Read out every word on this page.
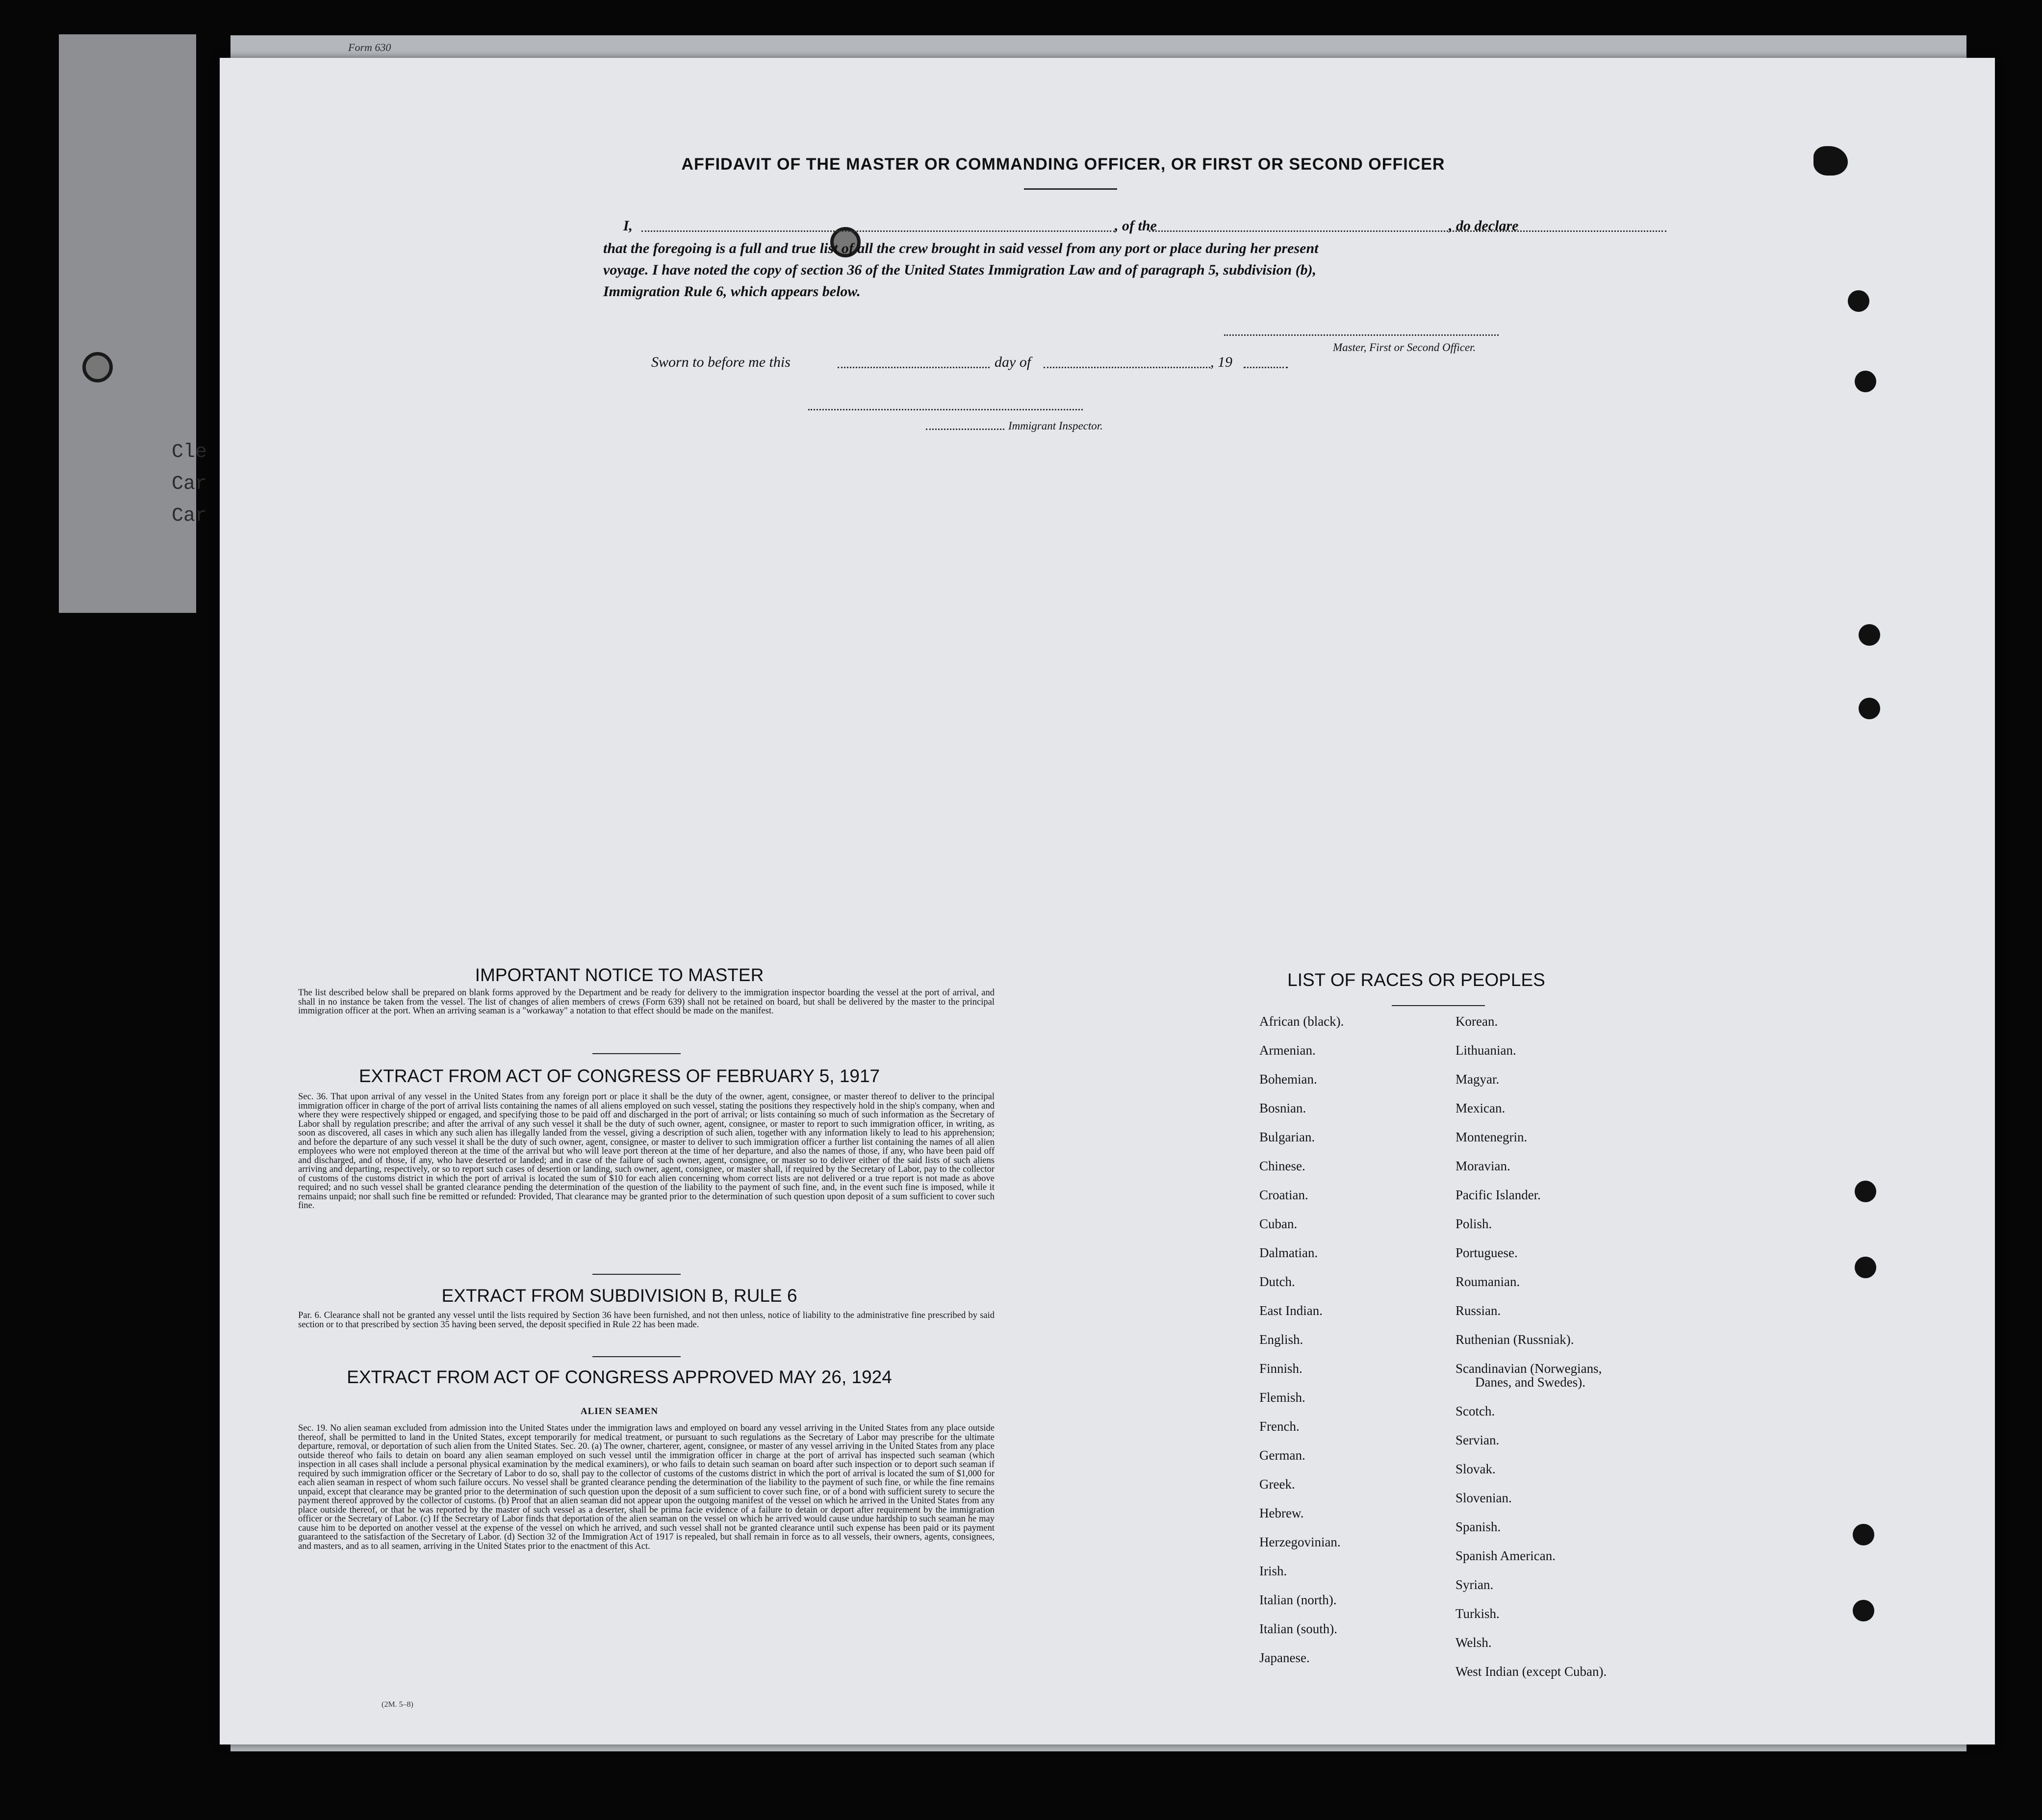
Cle
Car
Car
Form 630
AFFIDAVIT OF THE MASTER OR COMMANDING OFFICER, OR FIRST OR SECOND OFFICER
I,	, of the	, do declare
that the foregoing is a full and true list of all the crew brought in said vessel from any port or place during her present
voyage. I have noted the copy of section 36 of the United States Immigration Law and of paragraph 5, subdivision (b),
Immigration Rule 6, which appears below.
Master, First or Second Officer.
Sworn to before me this	day of	, 19
Immigrant Inspector.
IMPORTANT NOTICE TO MASTER
The list described below shall be prepared on blank forms approved by the Department and be ready for delivery to the immigration inspector boarding the vessel at the port of arrival, and shall in no instance be taken from the vessel. The list of changes of alien members of crews (Form 639) shall not be retained on board, but shall be delivered by the master to the principal immigration officer at the port. When an arriving seaman is a "workaway" a notation to that effect should be made on the manifest.
EXTRACT FROM ACT OF CONGRESS OF FEBRUARY 5, 1917
Sec. 36. That upon arrival of any vessel in the United States from any foreign port or place it shall be the duty of the owner, agent, consignee, or master thereof to deliver to the principal immigration officer in charge of the port of arrival lists containing the names of all aliens employed on such vessel, stating the positions they respectively hold in the ship's company, when and where they were respectively shipped or engaged, and specifying those to be paid off and discharged in the port of arrival; or lists containing so much of such information as the Secretary of Labor shall by regulation prescribe; and after the arrival of any such vessel it shall be the duty of such owner, agent, consignee, or master to report to such immigration officer, in writing, as soon as discovered, all cases in which any such alien has illegally landed from the vessel, giving a description of such alien, together with any information likely to lead to his apprehension; and before the departure of any such vessel it shall be the duty of such owner, agent, consignee, or master to deliver to such immigration officer a further list containing the names of all alien employees who were not employed thereon at the time of the arrival but who will leave port thereon at the time of her departure, and also the names of those, if any, who have been paid off and discharged, and of those, if any, who have deserted or landed; and in case of the failure of such owner, agent, consignee, or master so to deliver either of the said lists of such aliens arriving and departing, respectively, or so to report such cases of desertion or landing, such owner, agent, consignee, or master shall, if required by the Secretary of Labor, pay to the collector of customs of the customs district in which the port of arrival is located the sum of $10 for each alien concerning whom correct lists are not delivered or a true report is not made as above required; and no such vessel shall be granted clearance pending the determination of the question of the liability to the payment of such fine, and, in the event such fine is imposed, while it remains unpaid; nor shall such fine be remitted or refunded: Provided, That clearance may be granted prior to the determination of such question upon deposit of a sum sufficient to cover such fine.
EXTRACT FROM SUBDIVISION B, RULE 6
Par. 6. Clearance shall not be granted any vessel until the lists required by Section 36 have been furnished, and not then unless, notice of liability to the administrative fine prescribed by said section or to that prescribed by section 35 having been served, the deposit specified in Rule 22 has been made.
EXTRACT FROM ACT OF CONGRESS APPROVED MAY 26, 1924
ALIEN SEAMEN
Sec. 19. No alien seaman excluded from admission into the United States under the immigration laws and employed on board any vessel arriving in the United States from any place outside thereof, shall be permitted to land in the United States, except temporarily for medical treatment, or pursuant to such regulations as the Secretary of Labor may prescribe for the ultimate departure, removal, or deportation of such alien from the United States. Sec. 20. (a) The owner, charterer, agent, consignee, or master of any vessel arriving in the United States from any place outside thereof who fails to detain on board any alien seaman employed on such vessel until the immigration officer in charge at the port of arrival has inspected such seaman (which inspection in all cases shall include a personal physical examination by the medical examiners), or who fails to detain such seaman on board after such inspection or to deport such seaman if required by such immigration officer or the Secretary of Labor to do so, shall pay to the collector of customs of the customs district in which the port of arrival is located the sum of $1,000 for each alien seaman in respect of whom such failure occurs. No vessel shall be granted clearance pending the determination of the liability to the payment of such fine, or while the fine remains unpaid, except that clearance may be granted prior to the determination of such question upon the deposit of a sum sufficient to cover such fine, or of a bond with sufficient surety to secure the payment thereof approved by the collector of customs. (b) Proof that an alien seaman did not appear upon the outgoing manifest of the vessel on which he arrived in the United States from any place outside thereof, or that he was reported by the master of such vessel as a deserter, shall be prima facie evidence of a failure to detain or deport after requirement by the immigration officer or the Secretary of Labor. (c) If the Secretary of Labor finds that deportation of the alien seaman on the vessel on which he arrived would cause undue hardship to such seaman he may cause him to be deported on another vessel at the expense of the vessel on which he arrived, and such vessel shall not be granted clearance until such expense has been paid or its payment guaranteed to the satisfaction of the Secretary of Labor. (d) Section 32 of the Immigration Act of 1917 is repealed, but shall remain in force as to all vessels, their owners, agents, consignees, and masters, and as to all seamen, arriving in the United States prior to the enactment of this Act.
(2M. 5–8)
LIST OF RACES OR PEOPLES
African (black).
Armenian.
Bohemian.
Bosnian.
Bulgarian.
Chinese.
Croatian.
Cuban.
Dalmatian.
Dutch.
East Indian.
English.
Finnish.
Flemish.
French.
German.
Greek.
Hebrew.
Herzegovinian.
Irish.
Italian (north).
Italian (south).
Japanese.
Korean.
Lithuanian.
Magyar.
Mexican.
Montenegrin.
Moravian.
Pacific Islander.
Polish.
Portuguese.
Roumanian.
Russian.
Ruthenian (Russniak).
Scandinavian (Norwegians,
Danes, and Swedes).
Scotch.
Servian.
Slovak.
Slovenian.
Spanish.
Spanish American.
Syrian.
Turkish.
Welsh.
West Indian (except Cuban).
